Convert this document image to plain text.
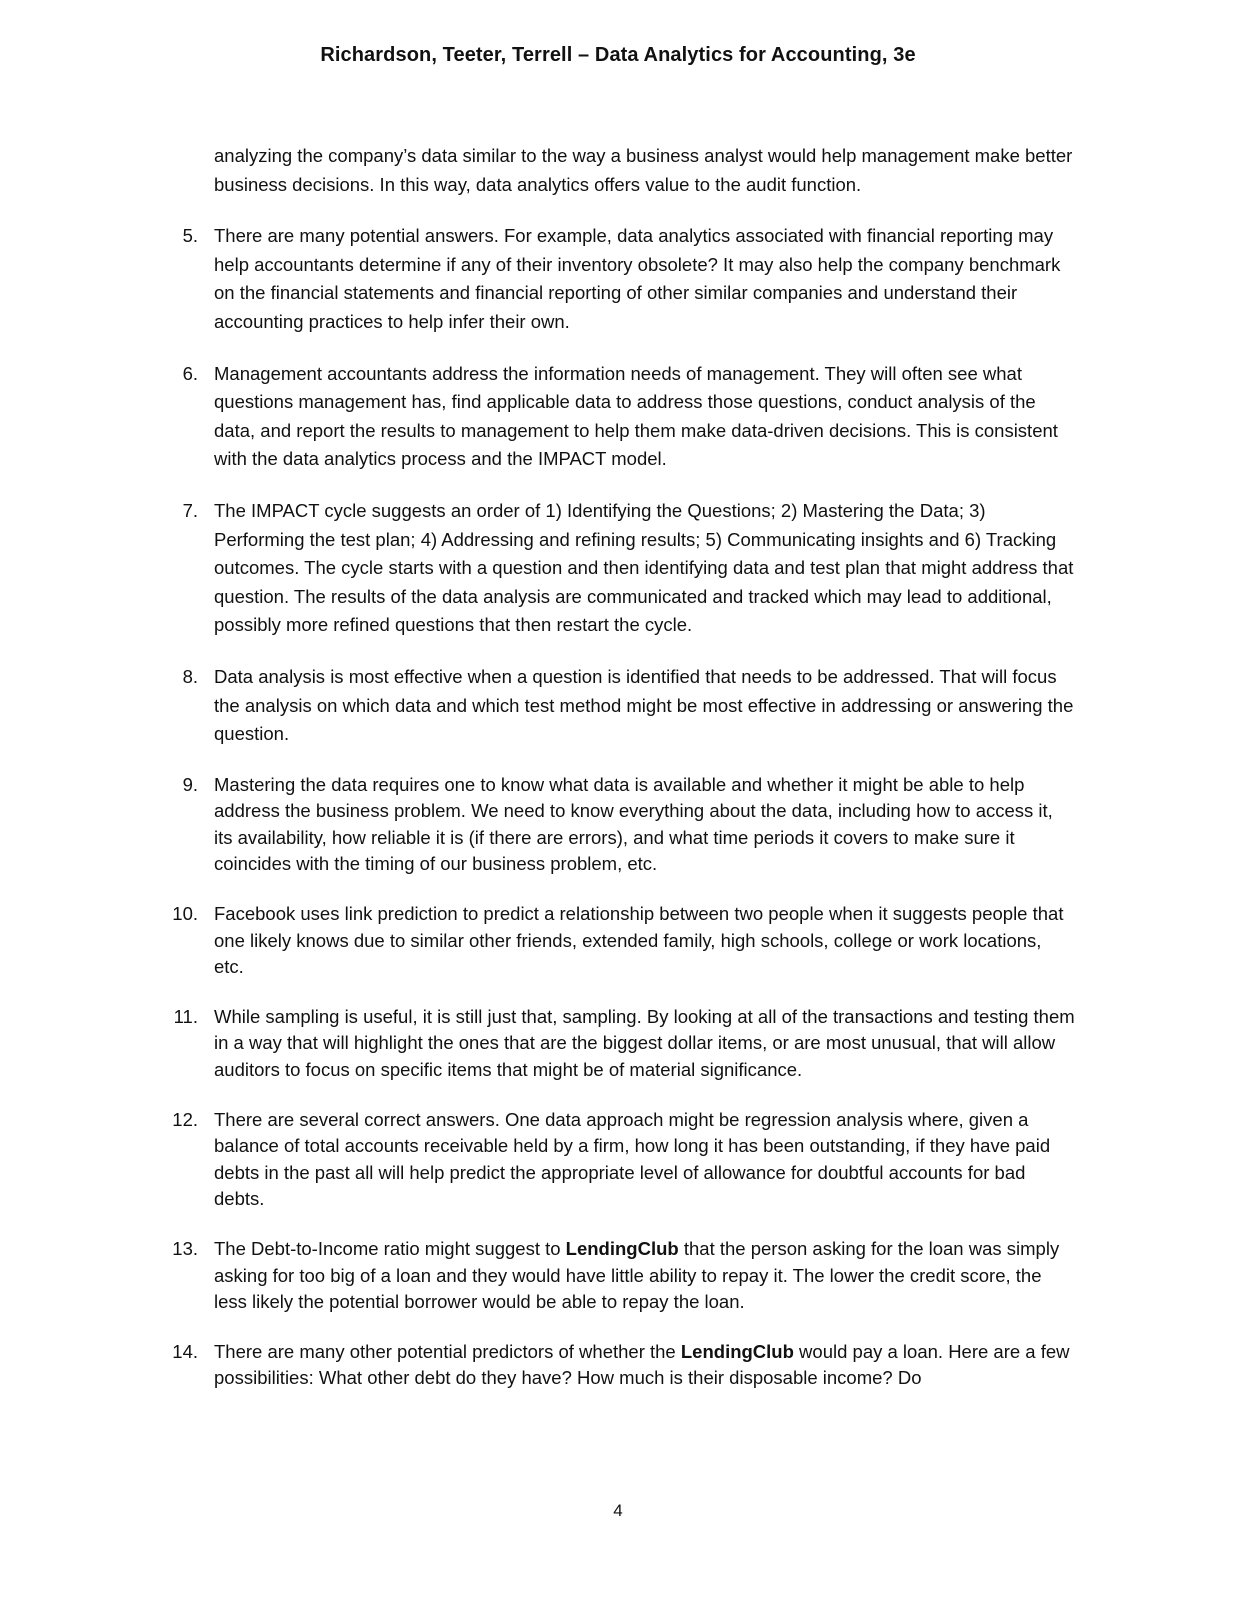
Richardson, Teeter, Terrell – Data Analytics for Accounting, 3e
analyzing the company’s data similar to the way a business analyst would help management make better business decisions. In this way, data analytics offers value to the audit function.
5. There are many potential answers. For example, data analytics associated with financial reporting may help accountants determine if any of their inventory obsolete? It may also help the company benchmark on the financial statements and financial reporting of other similar companies and understand their accounting practices to help infer their own.
6. Management accountants address the information needs of management. They will often see what questions management has, find applicable data to address those questions, conduct analysis of the data, and report the results to management to help them make data-driven decisions. This is consistent with the data analytics process and the IMPACT model.
7. The IMPACT cycle suggests an order of 1) Identifying the Questions; 2) Mastering the Data; 3) Performing the test plan; 4) Addressing and refining results; 5) Communicating insights and 6) Tracking outcomes. The cycle starts with a question and then identifying data and test plan that might address that question. The results of the data analysis are communicated and tracked which may lead to additional, possibly more refined questions that then restart the cycle.
8. Data analysis is most effective when a question is identified that needs to be addressed. That will focus the analysis on which data and which test method might be most effective in addressing or answering the question.
9. Mastering the data requires one to know what data is available and whether it might be able to help address the business problem. We need to know everything about the data, including how to access it, its availability, how reliable it is (if there are errors), and what time periods it covers to make sure it coincides with the timing of our business problem, etc.
10. Facebook uses link prediction to predict a relationship between two people when it suggests people that one likely knows due to similar other friends, extended family, high schools, college or work locations, etc.
11. While sampling is useful, it is still just that, sampling. By looking at all of the transactions and testing them in a way that will highlight the ones that are the biggest dollar items, or are most unusual, that will allow auditors to focus on specific items that might be of material significance.
12. There are several correct answers. One data approach might be regression analysis where, given a balance of total accounts receivable held by a firm, how long it has been outstanding, if they have paid debts in the past all will help predict the appropriate level of allowance for doubtful accounts for bad debts.
13. The Debt-to-Income ratio might suggest to LendingClub that the person asking for the loan was simply asking for too big of a loan and they would have little ability to repay it. The lower the credit score, the less likely the potential borrower would be able to repay the loan.
14. There are many other potential predictors of whether the LendingClub would pay a loan. Here are a few possibilities: What other debt do they have? How much is their disposable income? Do
4
